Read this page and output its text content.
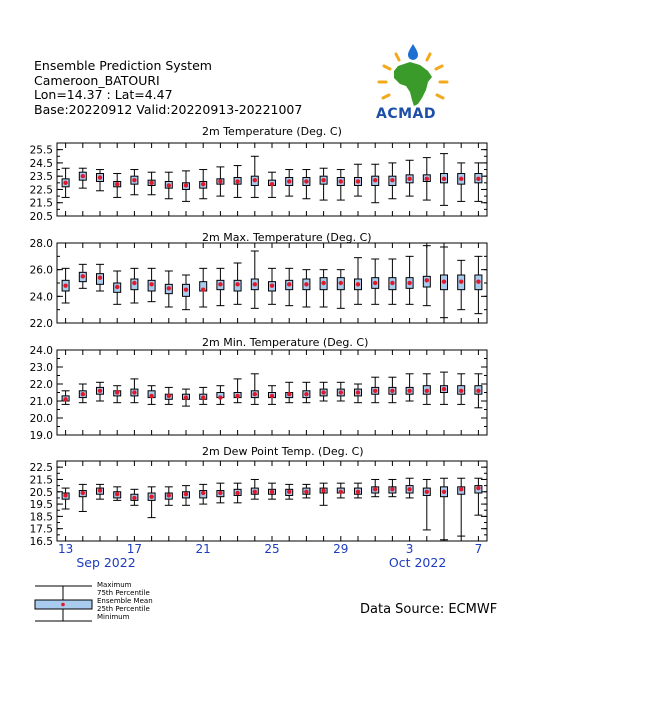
Ensemble Prediction System
Cameroon_BATOURI
Lon=14.37 : Lat=4.47
Base:20220912 Valid:20220913-20221007	ACMAD
2m Temperature (Deg. C)
25.5
24.5
23.5
22.5
21.5
20.5
2m Max. Temperature (Deg. C)
28.0
26.0
24.0
22.0
2m Min. Temperature (Deg. C)
24.0
23.0
22.0
21.0
20.0
19.0
2m Dew Point Temp. (Deg. C)
22.5
21.5
20.5
19.5
18.5
17.5
16.5 13	17	21	25	29	3	7
Sep 2022	Oct 2022
Maximum
75th Percentile
Ensemble Mean
25th Percentile
Minimum	Data Source: ECMWF
